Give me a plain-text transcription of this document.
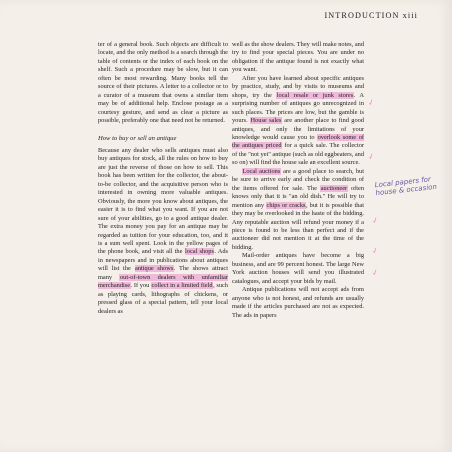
INTRODUCTION xiii

ter of a general book. Such objects are difficult to locate, and the only method is a search through the table of contents or the index of each book on the shelf. Such a procedure may be slow, but it can often be most rewarding. Many books tell the source of their pictures. A letter to a collector or to a curator of a museum that owns a similar item may be of additional help. Enclose postage as a courtesy gesture, and send as clear a picture as possible, preferably one that need not be returned.

How to buy or sell an antique

Because any dealer who sells antiques must also buy antiques for stock, all the rules on how to buy are just the reverse of those on how to sell. This book has been written for the collector, the about-to-be collector, and the acquisitive person who is interested in owning more valuable antiques. Obviously, the more you know about antiques, the easier it is to find what you want. If you are not sure of your abilities, go to a good antique dealer. The extra money you pay for an antique may be regarded as tuition for your education, too, and it is a sum well spent. Look in the yellow pages of the phone book, and visit all the local shops. Ads in newspapers and in publications about antiques will list the antique shows. The shows attract many out-of-town dealers with unfamiliar merchandise. If you collect in a limited field, such as playing cards, lithographs of chickens, or pressed glass of a special pattern, tell your local dealers as

well as the show dealers. They will make notes, and try to find your special pieces. You are under no obligation if the antique found is not exactly what you want.

After you have learned about specific antiques by practice, study, and by visits to museums and shops, try the local resale or junk stores. A surprising number of antiques go unrecognized in such places. The prices are low, but the gamble is yours. House sales are another place to find good antiques, and only the limitations of your knowledge would cause you to overlook some of the antiques priced for a quick sale. The collector of the "not yet" antique (such as old eggbeaters, and so on) will find the house sale an excellent source.

Local auctions are a good place to search, but be sure to arrive early and check the condition of the items offered for sale. The auctioneer often knows only that it is "an old dish." He will try to mention any chips or cracks, but it is possible that they may be overlooked in the haste of the bidding. Any reputable auction will refund your money if a piece is found to be less than perfect and if the auctioneer did not mention it at the time of the bidding.

Mail-order antiques have become a big business, and are 99 percent honest. The large New York auction houses will send you illustrated catalogues, and accept your bids by mail.

Antique publications will not accept ads from anyone who is not honest, and refunds are usually made if the articles purchased are not as expected. The ads in papers

Local papers for house & occasion
✓
✓
✓
✓
✓
